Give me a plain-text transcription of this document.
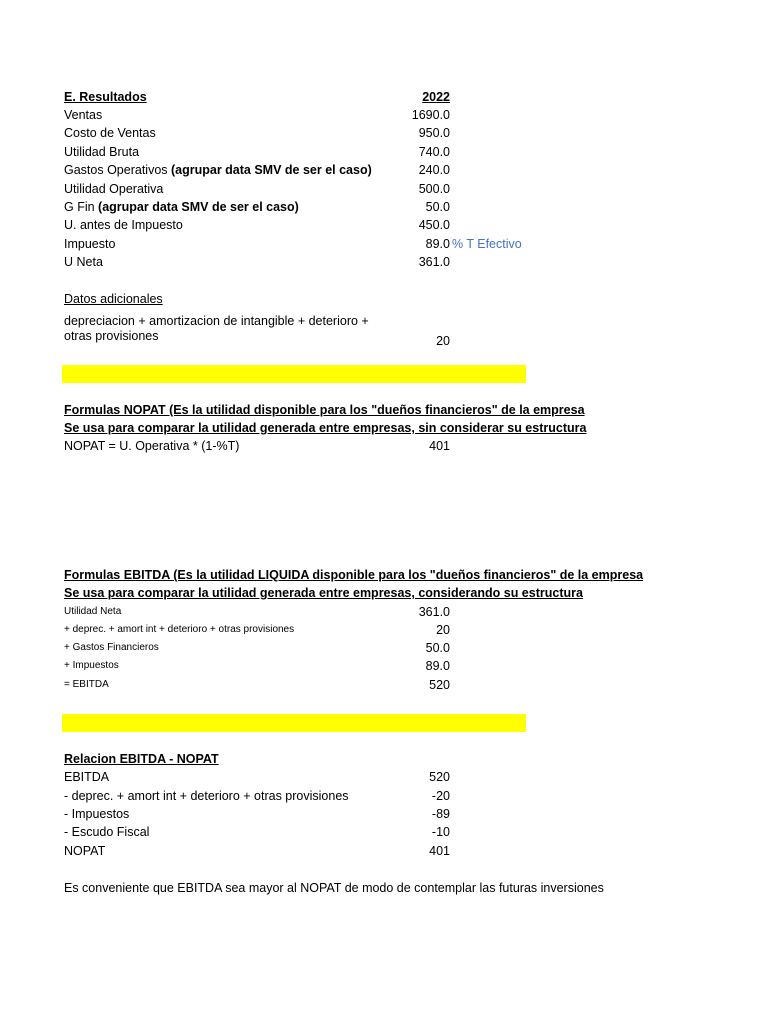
E. Resultados	2022
Ventas	1690.0
Costo de Ventas	950.0
Utilidad Bruta	740.0
Gastos Operativos (agrupar data SMV de ser el caso)	240.0
Utilidad Operativa	500.0
G Fin (agrupar data SMV de ser el caso)	50.0
U. antes de Impuesto	450.0
Impuesto	89.0 % T Efectivo
U Neta	361.0
Datos adicionales
depreciacion + amortizacion de intangible + deterioro + otras provisiones	20
Formulas NOPAT (Es la utilidad disponible para los "dueños financieros" de la empresa
Se usa para comparar la utilidad generada entre empresas, sin considerar su estructura
NOPAT = U. Operativa * (1-%T)	401
Formulas EBITDA (Es la utilidad LIQUIDA disponible para los "dueños financieros" de la empresa
Se usa para comparar la utilidad generada entre empresas, considerando su estructura
Utilidad Neta	361.0
+ deprec. + amort int + deterioro + otras provisiones	20
+ Gastos Financieros	50.0
+ Impuestos	89.0
= EBITDA	520
Relacion EBITDA - NOPAT
EBITDA	520
- deprec. + amort int + deterioro + otras provisiones	-20
- Impuestos	-89
- Escudo Fiscal	-10
NOPAT	401
Es conveniente que EBITDA sea mayor al NOPAT de modo de contemplar las futuras inversiones
